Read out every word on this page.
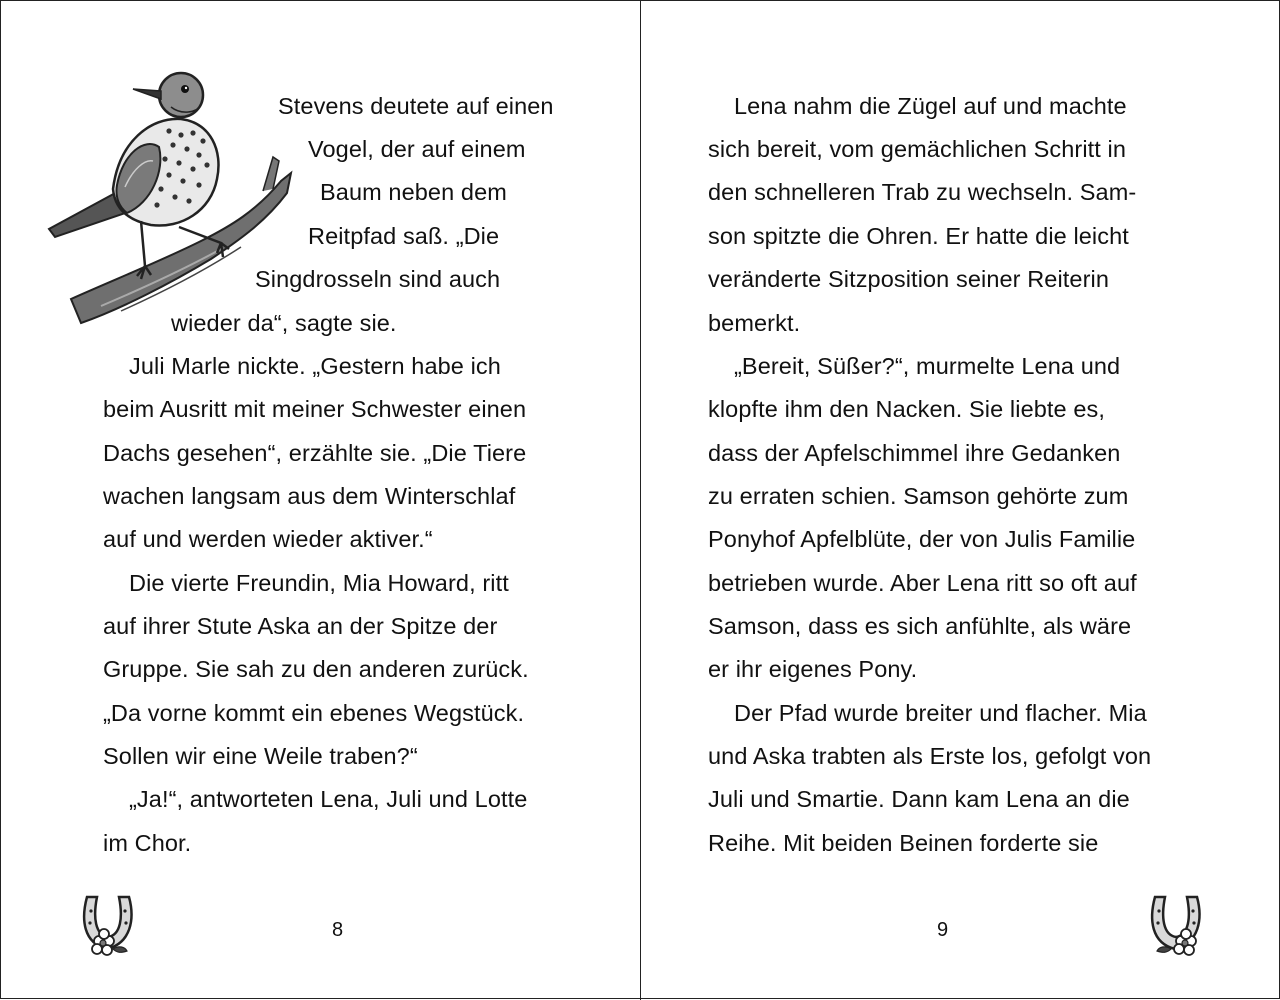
Stevens deutete auf einen
Vogel, der auf einem
Baum neben dem
Reitpfad saß. „Die
Singdrosseln sind auch
wieder da“, sagte sie.
Juli Marle nickte. „Gestern habe ich
beim Ausritt mit meiner Schwester einen
Dachs gesehen“, erzählte sie. „Die Tiere
wachen langsam aus dem Winterschlaf
auf und werden wieder aktiver.“
Die vierte Freundin, Mia Howard, ritt
auf ihrer Stute Aska an der Spitze der
Gruppe. Sie sah zu den anderen zurück.
„Da vorne kommt ein ebenes Wegstück.
Sollen wir eine Weile traben?“
„Ja!“, antworteten Lena, Juli und Lotte
im Chor.
8
Lena nahm die Zügel auf und machte
sich bereit, vom gemächlichen Schritt in
den schnelleren Trab zu wechseln. Sam-
son spitzte die Ohren. Er hatte die leicht
veränderte Sitzposition seiner Reiterin
bemerkt.
„Bereit, Süßer?“, murmelte Lena und
klopfte ihm den Nacken. Sie liebte es,
dass der Apfelschimmel ihre Gedanken
zu erraten schien. Samson gehörte zum
Ponyhof Apfelblüte, der von Julis Familie
betrieben wurde. Aber Lena ritt so oft auf
Samson, dass es sich anfühlte, als wäre
er ihr eigenes Pony.
Der Pfad wurde breiter und flacher. Mia
und Aska trabten als Erste los, gefolgt von
Juli und Smartie. Dann kam Lena an die
Reihe. Mit beiden Beinen forderte sie
9
